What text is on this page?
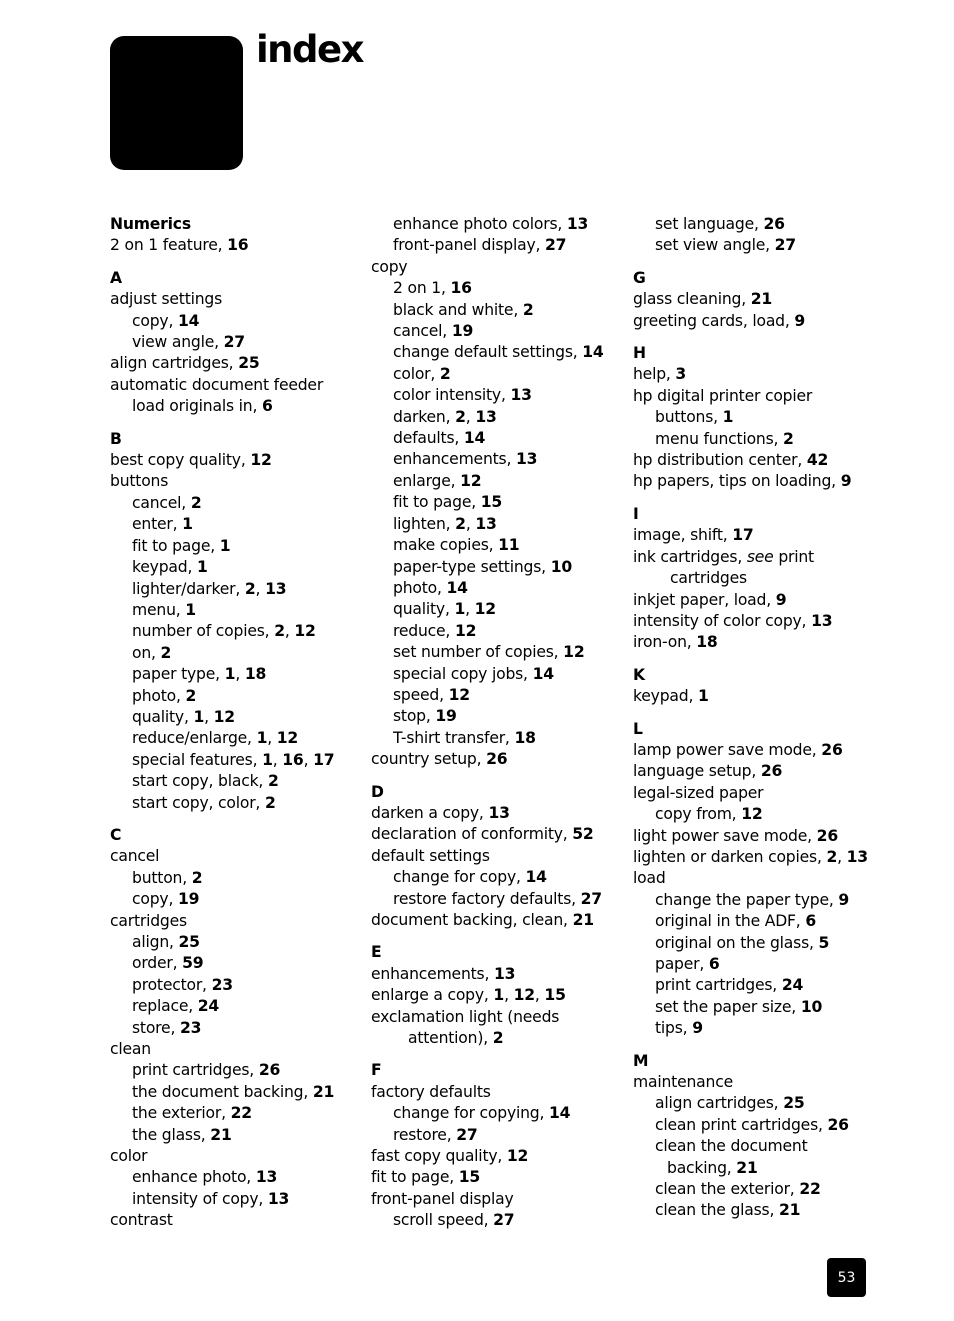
index
Numerics
2 on 1 feature, 16
A
adjust settings
copy, 14
view angle, 27
align cartridges, 25
automatic document feeder
load originals in, 6
B
best copy quality, 12
buttons
cancel, 2
enter, 1
fit to page, 1
keypad, 1
lighter/darker, 2, 13
menu, 1
number of copies, 2, 12
on, 2
paper type, 1, 18
photo, 2
quality, 1, 12
reduce/enlarge, 1, 12
special features, 1, 16, 17
start copy, black, 2
start copy, color, 2
C
cancel
button, 2
copy, 19
cartridges
align, 25
order, 59
protector, 23
replace, 24
store, 23
clean
print cartridges, 26
the document backing, 21
the exterior, 22
the glass, 21
color
enhance photo, 13
intensity of copy, 13
contrast
enhance photo colors, 13
front-panel display, 27
copy
2 on 1, 16
black and white, 2
cancel, 19
change default settings, 14
color, 2
color intensity, 13
darken, 2, 13
defaults, 14
enhancements, 13
enlarge, 12
fit to page, 15
lighten, 2, 13
make copies, 11
paper-type settings, 10
photo, 14
quality, 1, 12
reduce, 12
set number of copies, 12
special copy jobs, 14
speed, 12
stop, 19
T-shirt transfer, 18
country setup, 26
D
darken a copy, 13
declaration of conformity, 52
default settings
change for copy, 14
restore factory defaults, 27
document backing, clean, 21
E
enhancements, 13
enlarge a copy, 1, 12, 15
exclamation light (needs
attention), 2
F
factory defaults
change for copying, 14
restore, 27
fast copy quality, 12
fit to page, 15
front-panel display
scroll speed, 27
set language, 26
set view angle, 27
G
glass cleaning, 21
greeting cards, load, 9
H
help, 3
hp digital printer copier
buttons, 1
menu functions, 2
hp distribution center, 42
hp papers, tips on loading, 9
I
image, shift, 17
ink cartridges, see print
cartridges
inkjet paper, load, 9
intensity of color copy, 13
iron-on, 18
K
keypad, 1
L
lamp power save mode, 26
language setup, 26
legal-sized paper
copy from, 12
light power save mode, 26
lighten or darken copies, 2, 13
load
change the paper type, 9
original in the ADF, 6
original on the glass, 5
paper, 6
print cartridges, 24
set the paper size, 10
tips, 9
M
maintenance
align cartridges, 25
clean print cartridges, 26
clean the document
backing, 21
clean the exterior, 22
clean the glass, 21
53
